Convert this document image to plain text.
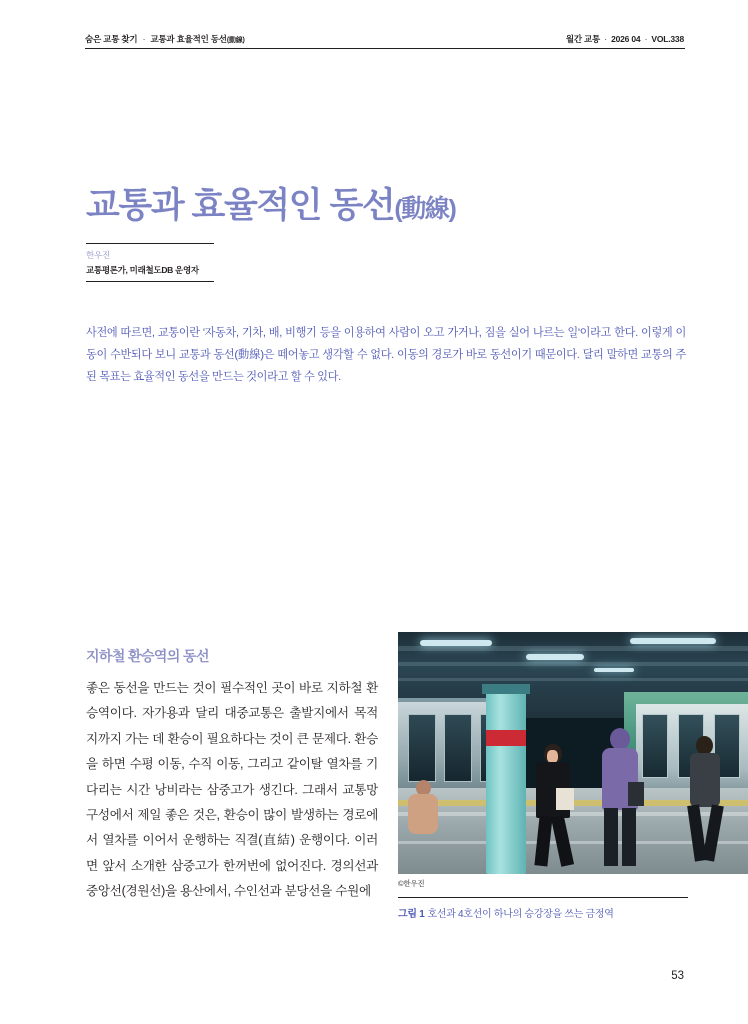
숨은 교통 찾기 · 교통과 효율적인 동선(動線)	월간 교통 · 2026 04 · VOL.338
교통과 효율적인 동선(動線)
한우진
교통평론가, 미래철도DB 운영자
사전에 따르면, 교통이란 '자동차, 기차, 배, 비행기 등을 이용하여 사람이 오고 가거나, 짐을 실어 나르는 일'이라고 한다. 이렇게 이동이 수반되다 보니 교통과 동선(動線)은 떼어놓고 생각할 수 없다. 이동의 경로가 바로 동선이기 때문이다. 달리 말하면 교통의 주된 목표는 효율적인 동선을 만드는 것이라고 할 수 있다.
지하철 환승역의 동선

좋은 동선을 만드는 것이 필수적인 곳이 바로 지하철 환승역이다. 자가용과 달리 대중교통은 출발지에서 목적지까지 가는 데 환승이 필요하다는 것이 큰 문제다. 환승을 하면 수평 이동, 수직 이동, 그리고 같이탈 열차를 기다리는 시간 낭비라는 삼중고가 생긴다. 그래서 교통망 구성에서 제일 좋은 것은, 환승이 많이 발생하는 경로에서 열차를 이어서 운행하는 직결(直結) 운행이다. 이러면 앞서 소개한 삼중고가 한꺼번에 없어진다. 경의선과 중앙선(경원선)을 용산에서, 수인선과 분당선을 수원에

©한우진
그림 1 호선과 4호선이 하나의 승강장을 쓰는 금정역
53
